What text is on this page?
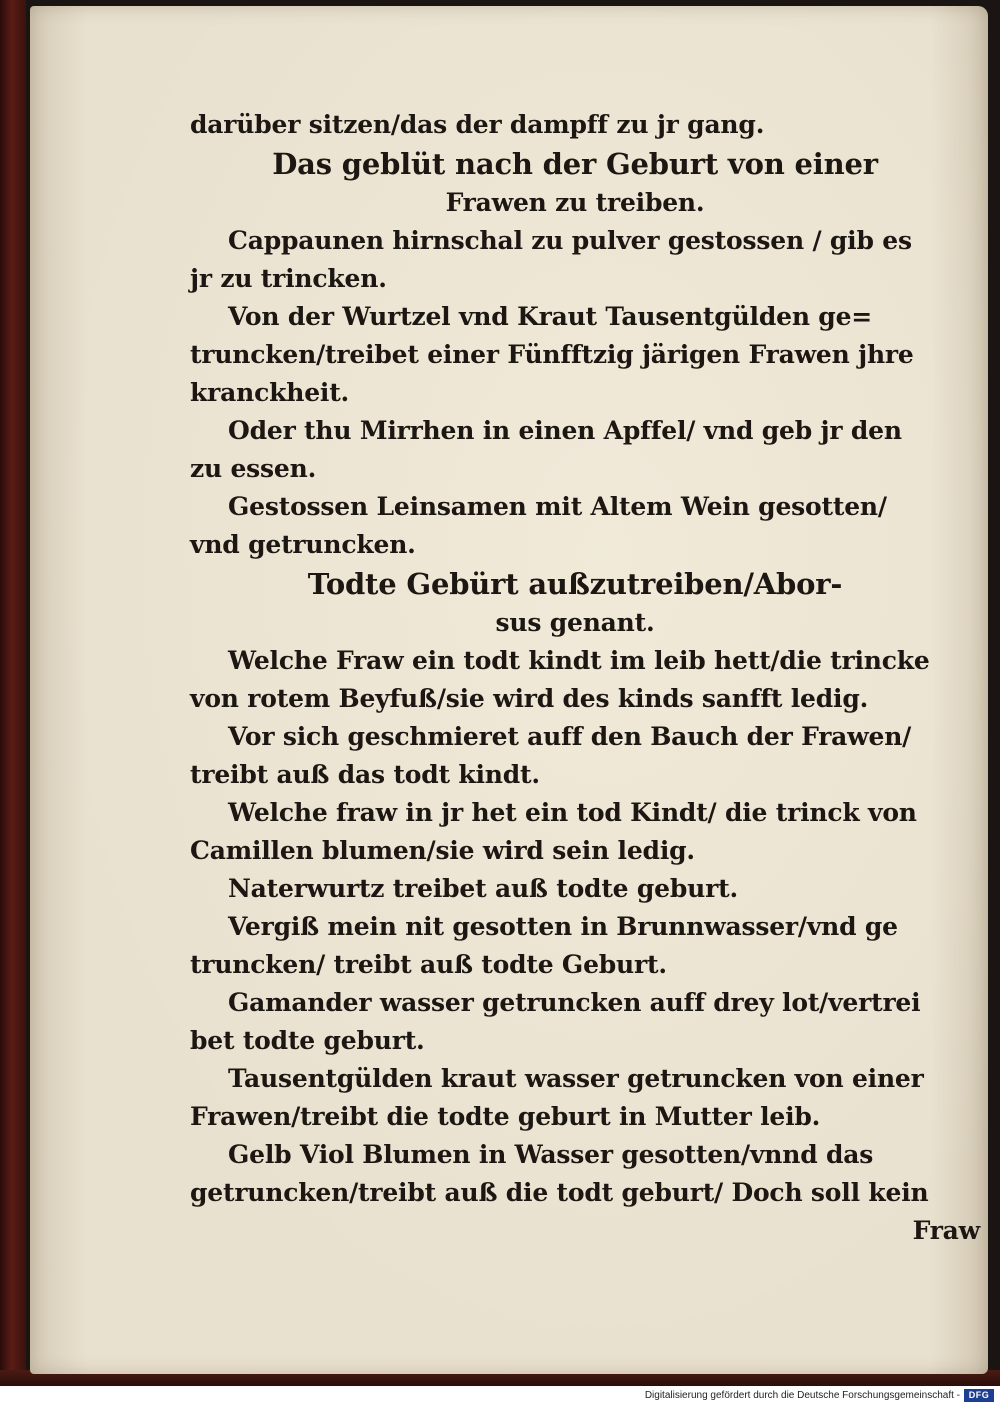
darüber sitzen/das der dampff zu jr gang.
Das geblüt nach der Geburt von einer
Frawen zu treiben.
Cappaunen hirnschal zu pulver gestossen / gib es
jr zu trincken.
Von der Wurtzel vnd Kraut Tausentgülden ge=
truncken/treibet einer Fünfftzig järigen Frawen jhre
kranckheit.
Oder thu Mirrhen in einen Apffel/ vnd geb jr den
zu essen.
Gestossen Leinsamen mit Altem Wein gesotten/
vnd getruncken.
Todte Gebürt außzutreiben/Abor-
sus genant.
Welche Fraw ein todt kindt im leib hett/die trincke
von rotem Beyfuß/sie wird des kinds sanfft ledig.
Vor sich geschmieret auff den Bauch der Frawen/
treibt auß das todt kindt.
Welche fraw in jr het ein tod Kindt/ die trinck von
Camillen blumen/sie wird sein ledig.
Naterwurtz treibet auß todte geburt.
Vergiß mein nit gesotten in Brunnwasser/vnd ge
truncken/ treibt auß todte Geburt.
Gamander wasser getruncken auff drey lot/vertrei
bet todte geburt.
Tausentgülden kraut wasser getruncken von einer
Frawen/treibt die todte geburt in Mutter leib.
Gelb Viol Blumen in Wasser gesotten/vnnd das
getruncken/treibt auß die todt geburt/ Doch soll kein
Fraw
Digitalisierung gefördert durch die Deutsche Forschungsgemeinschaft - DFG
